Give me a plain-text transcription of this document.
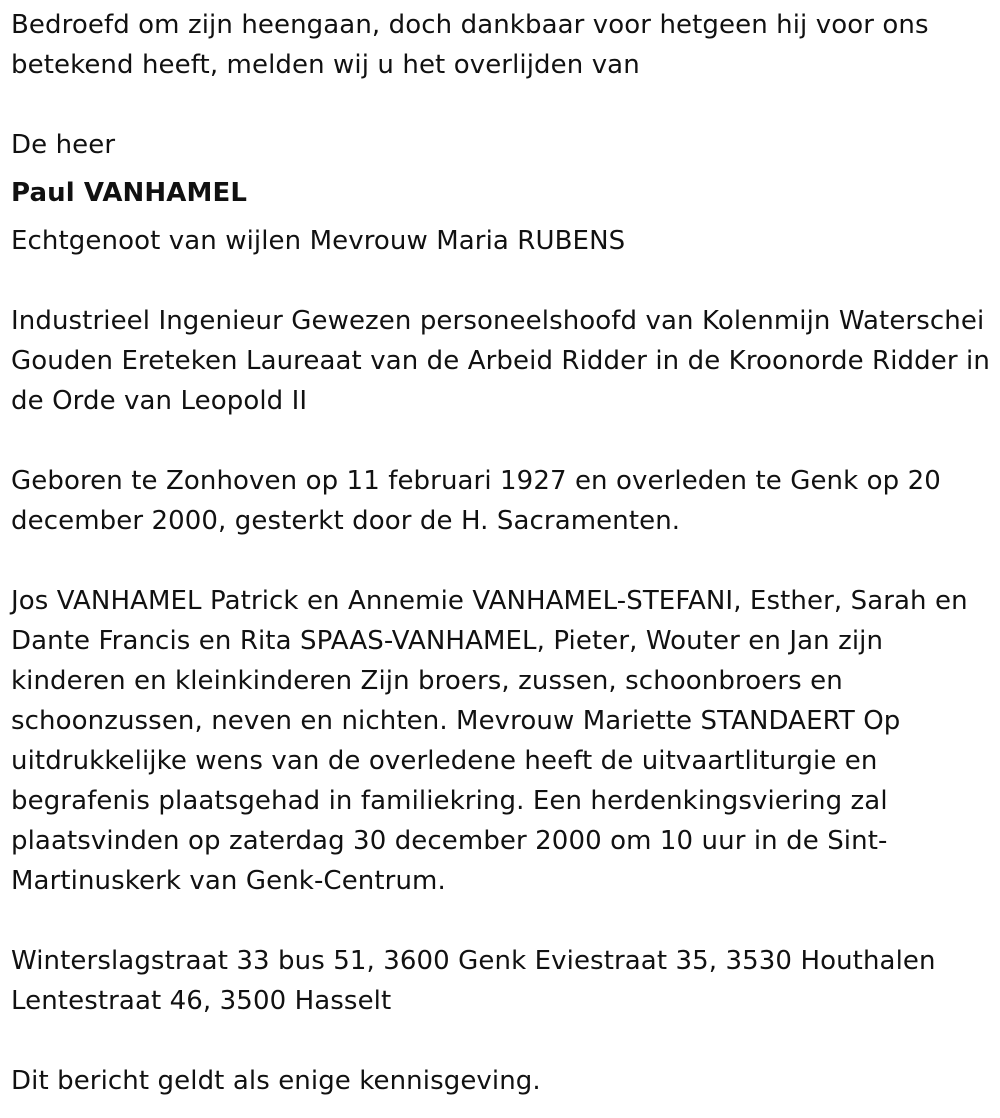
Bedroefd om zijn heengaan, doch dankbaar voor hetgeen hij voor ons betekend heeft, melden wij u het overlijden van

De heer

Paul VANHAMEL

Echtgenoot van wijlen Mevrouw Maria RUBENS

Industrieel Ingenieur Gewezen personeelshoofd van Kolenmijn Waterschei Gouden Ereteken Laureaat van de Arbeid Ridder in de Kroonorde Ridder in de Orde van Leopold II

Geboren te Zonhoven op 11 februari 1927 en overleden te Genk op 20 december 2000, gesterkt door de H. Sacramenten.

Jos VANHAMEL Patrick en Annemie VANHAMEL-STEFANI, Esther, Sarah en Dante Francis en Rita SPAAS-VANHAMEL, Pieter, Wouter en Jan zijn kinderen en kleinkinderen Zijn broers, zussen, schoonbroers en schoonzussen, neven en nichten. Mevrouw Mariette STANDAERT Op uitdrukkelijke wens van de overledene heeft de uitvaartliturgie en begrafenis plaatsgehad in familiekring. Een herdenkingsviering zal plaatsvinden op zaterdag 30 december 2000 om 10 uur in de Sint-Martinuskerk van Genk-Centrum.

Winterslagstraat 33 bus 51, 3600 Genk Eviestraat 35, 3530 Houthalen Lentestraat 46, 3500 Hasselt

Dit bericht geldt als enige kennisgeving.
